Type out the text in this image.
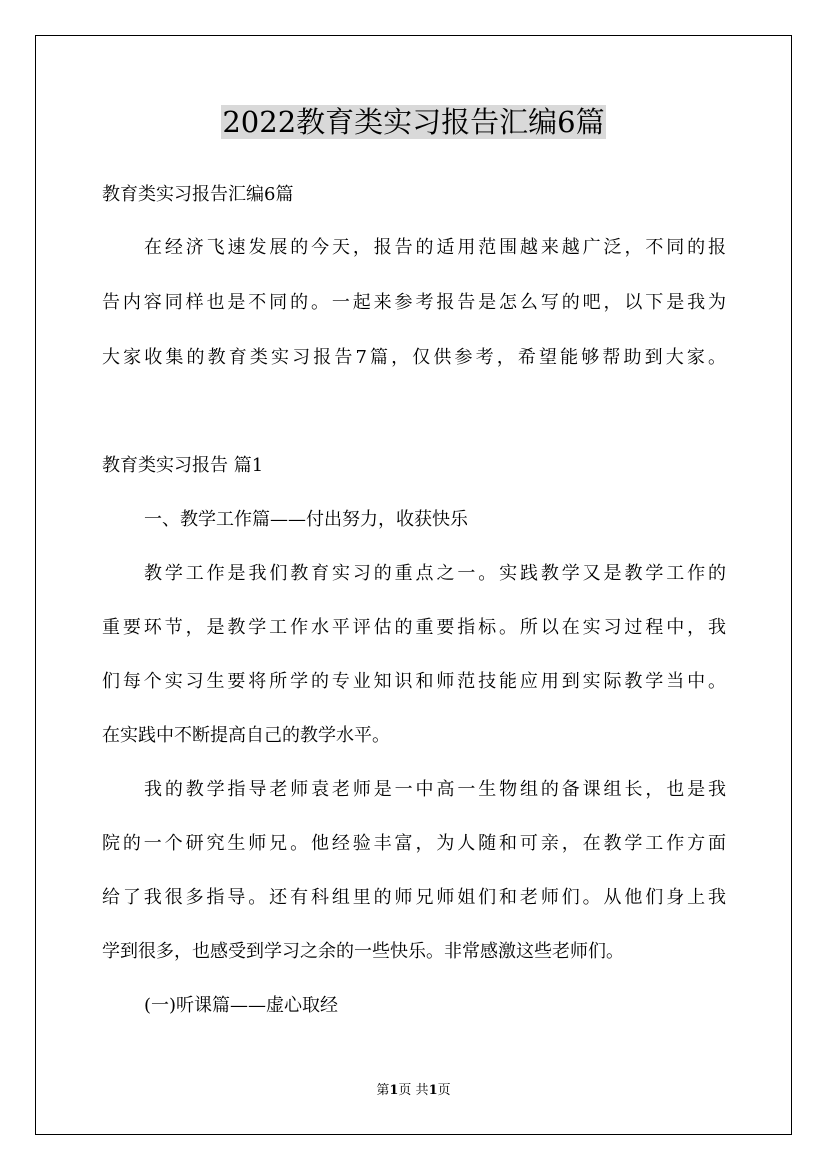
2022教育类实习报告汇编6篇
教育类实习报告汇编6篇
在经济飞速发展的今天，报告的适用范围越来越广泛，不同的报
告内容同样也是不同的。一起来参考报告是怎么写的吧，以下是我为
大家收集的教育类实习报告7篇，仅供参考，希望能够帮助到大家。
教育类实习报告 篇1
一、教学工作篇——付出努力，收获快乐
教学工作是我们教育实习的重点之一。实践教学又是教学工作的
重要环节，是教学工作水平评估的重要指标。所以在实习过程中，我
们每个实习生要将所学的专业知识和师范技能应用到实际教学当中。
在实践中不断提高自己的教学水平。
我的教学指导老师袁老师是一中高一生物组的备课组长，也是我
院的一个研究生师兄。他经验丰富，为人随和可亲，在教学工作方面
给了我很多指导。还有科组里的师兄师姐们和老师们。从他们身上我
学到很多，也感受到学习之余的一些快乐。非常感激这些老师们。
(一)听课篇——虚心取经
第1页 共1页
